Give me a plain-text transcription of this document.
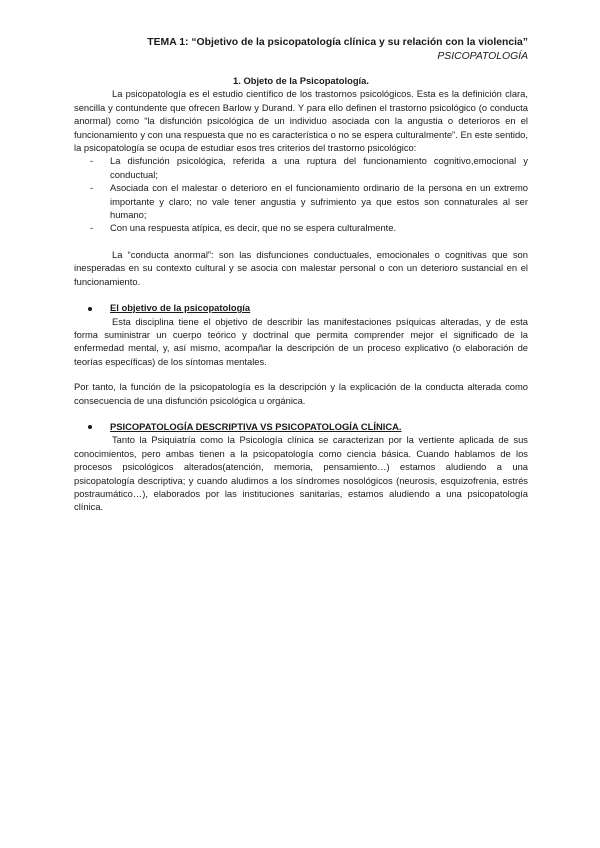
TEMA 1: “Objetivo de la psicopatología clínica y su relación con la violencia”

PSICOPATOLOGÍA

1. Objeto de la Psicopatología.

La psicopatología es el estudio científico de los trastornos psicológicos. Esta es la definición clara, sencilla y contundente que ofrecen Barlow y Durand. Y para ello definen el trastorno psicológico (o conducta anormal) como “la disfunción psicológica de un individuo asociada con la angustia o deterioros en el funcionamiento y con una respuesta que no es característica o no se espera culturalmente”. En este sentido, la psicopatología se ocupa de estudiar esos tres criterios del trastorno psicológico:

- La disfunción psicológica, referida a una ruptura del funcionamiento cognitivo,emocional y conductual;
- Asociada con el malestar o deterioro en el funcionamiento ordinario de la persona en un extremo importante y claro; no vale tener angustia y sufrimiento ya que estos son connaturales al ser humano;
- Con una respuesta atípica, es decir, que no se espera culturalmente.

La “conducta anormal”: son las disfunciones conductuales, emocionales o cognitivas que son inesperadas en su contexto cultural y se asocia con malestar personal o con un deterioro sustancial en el funcionamiento.

El objetivo de la psicopatología

Esta disciplina tiene el objetivo de describir las manifestaciones psíquicas alteradas, y de esta forma suministrar un cuerpo teórico y doctrinal que permita comprender mejor el significado de la enfermedad mental, y, así mismo, acompañar la descripción de un proceso explicativo (o elaboración de teorías específicas) de los síntomas mentales.

Por tanto, la función de la psicopatología es la descripción y la explicación de la conducta alterada como consecuencia de una disfunción psicológica u orgánica.

PSICOPATOLOGÍA DESCRIPTIVA VS PSICOPATOLOGÍA CLÍNICA.

Tanto la Psiquiatría como la Psicología clínica se caracterizan por la vertiente aplicada de sus conocimientos, pero ambas tienen a la psicopatología como ciencia básica. Cuando hablamos de los procesos psicológicos alterados(atención, memoria, pensamiento…) estamos aludiendo a una psicopatología descriptiva; y cuando aludimos a los síndromes nosológicos (neurosis, esquizofrenia, estrés postraumático…), elaborados por las instituciones sanitarias, estamos aludiendo a una psicopatología clínica.
